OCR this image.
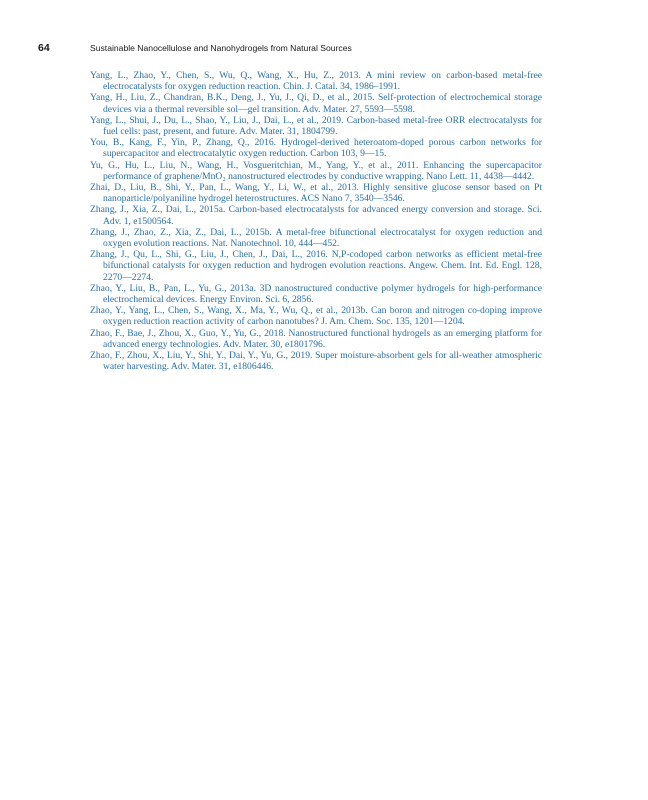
64	Sustainable Nanocellulose and Nanohydrogels from Natural Sources
Yang, L., Zhao, Y., Chen, S., Wu, Q., Wang, X., Hu, Z., 2013. A mini review on carbon-based metal-free electrocatalysts for oxygen reduction reaction. Chin. J. Catal. 34, 1986–1991.
Yang, H., Liu, Z., Chandran, B.K., Deng, J., Yu, J., Qi, D., et al., 2015. Self-protection of electrochemical storage devices via a thermal reversible sol—gel transition. Adv. Mater. 27, 5593—5598.
Yang, L., Shui, J., Du, L., Shao, Y., Liu, J., Dai, L., et al., 2019. Carbon-based metal-free ORR electrocatalysts for fuel cells: past, present, and future. Adv. Mater. 31, 1804799.
You, B., Kang, F., Yin, P., Zhang, Q., 2016. Hydrogel-derived heteroatom-doped porous carbon networks for supercapacitor and electrocatalytic oxygen reduction. Carbon 103, 9—15.
Yu, G., Hu, L., Liu, N., Wang, H., Vosgueritchian, M., Yang, Y., et al., 2011. Enhancing the supercapacitor performance of graphene/MnO₂ nanostructured electrodes by conductive wrapping. Nano Lett. 11, 4438—4442.
Zhai, D., Liu, B., Shi, Y., Pan, L., Wang, Y., Li, W., et al., 2013. Highly sensitive glucose sensor based on Pt nanoparticle/polyaniline hydrogel heterostructures. ACS Nano 7, 3540—3546.
Zhang, J., Xia, Z., Dai, L., 2015a. Carbon-based electrocatalysts for advanced energy conversion and storage. Sci. Adv. 1, e1500564.
Zhang, J., Zhao, Z., Xia, Z., Dai, L., 2015b. A metal-free bifunctional electrocatalyst for oxygen reduction and oxygen evolution reactions. Nat. Nanotechnol. 10, 444—452.
Zhang, J., Qu, L., Shi, G., Liu, J., Chen, J., Dai, L., 2016. N,P-codoped carbon networks as efficient metal-free bifunctional catalysts for oxygen reduction and hydrogen evolution reactions. Angew. Chem. Int. Ed. Engl. 128, 2270—2274.
Zhao, Y., Liu, B., Pan, L., Yu, G., 2013a. 3D nanostructured conductive polymer hydrogels for high-performance electrochemical devices. Energy Environ. Sci. 6, 2856.
Zhao, Y., Yang, L., Chen, S., Wang, X., Ma, Y., Wu, Q., et al., 2013b. Can boron and nitrogen co-doping improve oxygen reduction reaction activity of carbon nanotubes? J. Am. Chem. Soc. 135, 1201—1204.
Zhao, F., Bae, J., Zhou, X., Guo, Y., Yu, G., 2018. Nanostructured functional hydrogels as an emerging platform for advanced energy technologies. Adv. Mater. 30, e1801796.
Zhao, F., Zhou, X., Liu, Y., Shi, Y., Dai, Y., Yu, G., 2019. Super moisture-absorbent gels for all-weather atmospheric water harvesting. Adv. Mater. 31, e1806446.
